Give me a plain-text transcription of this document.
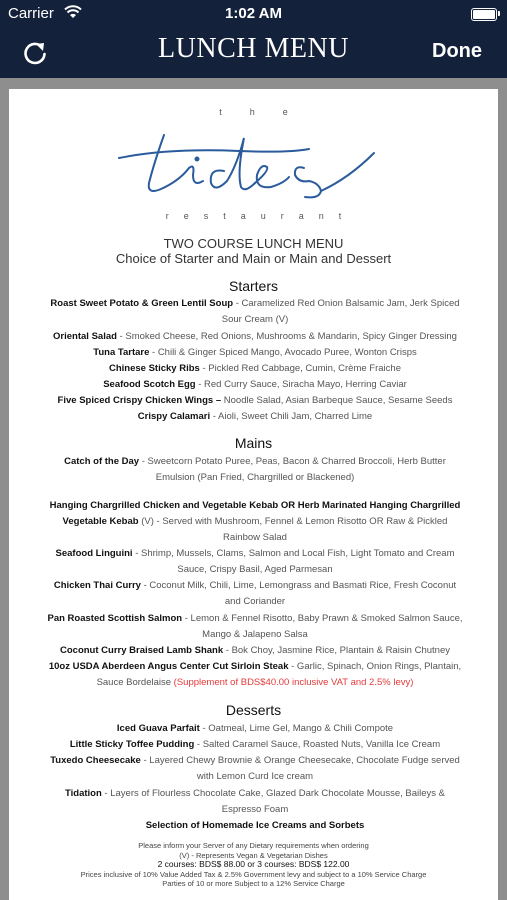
Carrier	1:02 AM
LUNCH MENU	Done
the
restaurant
TWO COURSE LUNCH MENU
Choice of Starter and Main or Main and Dessert
Starters
Roast Sweet Potato & Green Lentil Soup - Caramelized Red Onion Balsamic Jam, Jerk Spiced Sour Cream (V)
Oriental Salad - Smoked Cheese, Red Onions, Mushrooms & Mandarin, Spicy Ginger Dressing
Tuna Tartare - Chili & Ginger Spiced Mango, Avocado Puree, Wonton Crisps
Chinese Sticky Ribs - Pickled Red Cabbage, Cumin, Crème Fraiche
Seafood Scotch Egg - Red Curry Sauce, Siracha Mayo, Herring Caviar
Five Spiced Crispy Chicken Wings – Noodle Salad, Asian Barbeque Sauce, Sesame Seeds
Crispy Calamari - Aioli, Sweet Chili Jam, Charred Lime
Mains
Catch of the Day - Sweetcorn Potato Puree, Peas, Bacon & Charred Broccoli, Herb Butter Emulsion (Pan Fried, Chargrilled or Blackened)
Hanging Chargrilled Chicken and Vegetable Kebab OR Herb Marinated Hanging Chargrilled Vegetable Kebab (V) - Served with Mushroom, Fennel & Lemon Risotto OR Raw & Pickled Rainbow Salad
Seafood Linguini - Shrimp, Mussels, Clams, Salmon and Local Fish, Light Tomato and Cream Sauce, Crispy Basil, Aged Parmesan
Chicken Thai Curry - Coconut Milk, Chili, Lime, Lemongrass and Basmati Rice, Fresh Coconut and Coriander
Pan Roasted Scottish Salmon - Lemon & Fennel Risotto, Baby Prawn & Smoked Salmon Sauce, Mango & Jalapeno Salsa
Coconut Curry Braised Lamb Shank - Bok Choy, Jasmine Rice, Plantain & Raisin Chutney
10oz USDA Aberdeen Angus Center Cut Sirloin Steak - Garlic, Spinach, Onion Rings, Plantain, Sauce Bordelaise (Supplement of BDS$40.00 inclusive VAT and 2.5% levy)
Desserts
Iced Guava Parfait - Oatmeal, Lime Gel, Mango & Chili Compote
Little Sticky Toffee Pudding - Salted Caramel Sauce, Roasted Nuts, Vanilla Ice Cream
Tuxedo Cheesecake - Layered Chewy Brownie & Orange Cheesecake, Chocolate Fudge served with Lemon Curd Ice cream
Tidation - Layers of Flourless Chocolate Cake, Glazed Dark Chocolate Mousse, Baileys & Espresso Foam
Selection of Homemade Ice Creams and Sorbets
Please inform your Server of any Dietary requirements when ordering
(V) - Represents Vegan & Vegetarian Dishes
2 courses: BDS$ 88.00 or 3 courses: BDS$ 122.00
Prices inclusive of 10% Value Added Tax & 2.5% Government levy and subject to a 10% Service Charge
Parties of 10 or more Subject to a 12% Service Charge
